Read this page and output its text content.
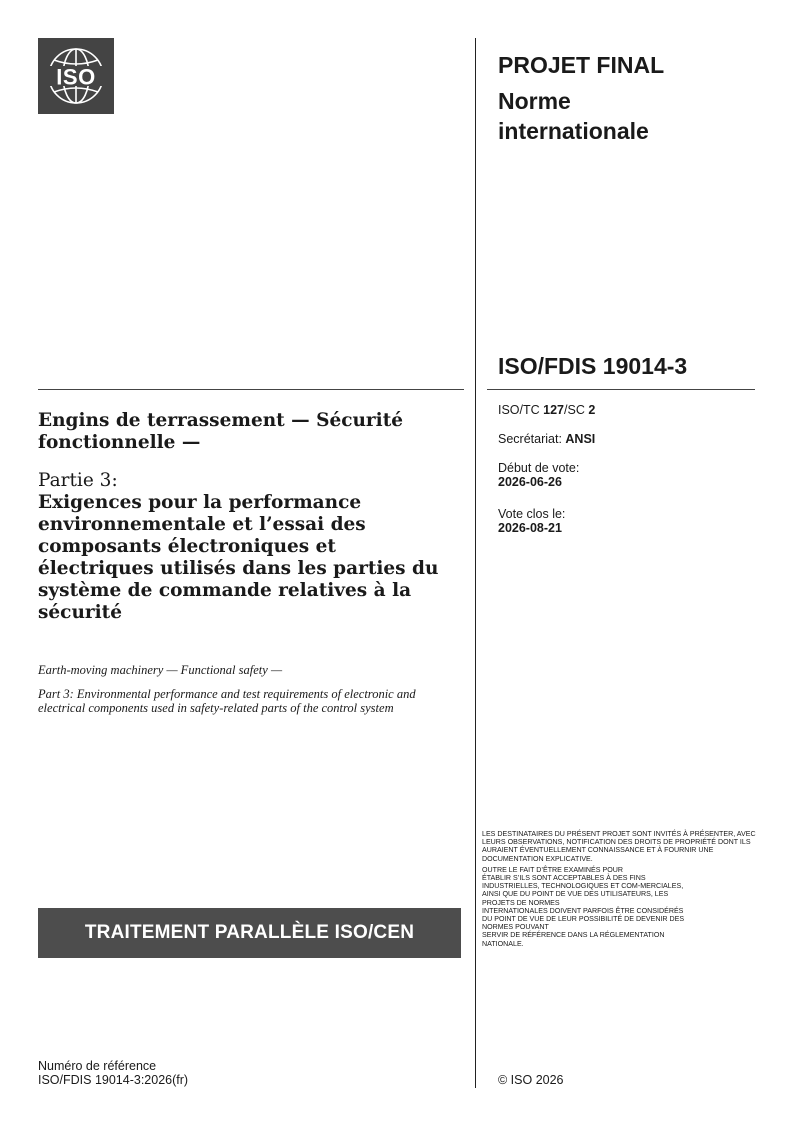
ISO	PROJET FINAL
Norme
internationale
ISO/FDIS 19014-3
Engins de terrassement — Sécurité fonctionnelle —
Partie 3:
Exigences pour la performance environnementale et l’essai des composants électroniques et électriques utilisés dans les parties du système de commande relatives à la sécurité
Earth-moving machinery — Functional safety —
Part 3: Environmental performance and test requirements of electronic and electrical components used in safety-related parts of the control system
ISO/TC 127/SC 2
Secrétariat: ANSI
Début de vote:
2026-06-26
Vote clos le:
2026-08-21

LES DESTINATAIRES DU PRÉSENT PROJET SONT INVITÉS À PRÉSENTER, AVEC LEURS OBSERVATIONS, NOTIFICATION DES DROITS DE PROPRIÉTÉ DONT ILS AURAIENT ÉVENTUELLEMENT CONNAISSANCE ET À FOURNIR UNE DOCUMENTATION EXPLICATIVE.

OUTRE LE FAIT D’ÊTRE EXAMINÉS POUR
ÉTABLIR S’ILS SONT ACCEPTABLES À DES FINS
INDUSTRIELLES, TECHNOLOGIQUES ET COM-MERCIALES,
AINSI QUE DU POINT DE VUE DES UTILISATEURS, LES
PROJETS DE NORMES
INTERNATIONALES DOIVENT PARFOIS ÊTRE CONSIDÉRÉS
DU POINT DE VUE DE LEUR POSSIBILITÉ DE DEVENIR DES
NORMES POUVANT
SERVIR DE RÉFÉRENCE DANS LA RÉGLEMENTATION
NATIONALE.

TRAITEMENT PARALLÈLE ISO/CEN
Numéro de référence
ISO/FDIS 19014-3:2026(fr)	© ISO 2026
